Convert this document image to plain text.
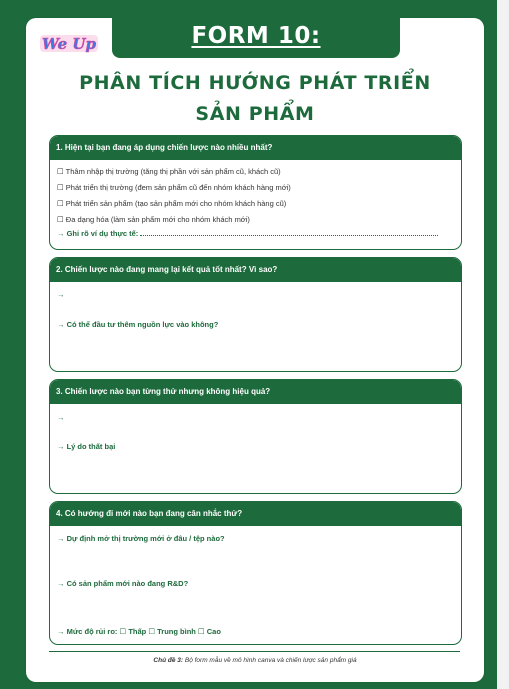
FORM 10:
We Up
PHÂN TÍCH HƯỚNG PHÁT TRIỂN
SẢN PHẨM
1. Hiện tại bạn đang áp dụng chiến lược nào nhiều nhất?
☐ Thâm nhập thị trường (tăng thị phần với sản phẩm cũ, khách cũ)
☐ Phát triển thị trường (đem sản phẩm cũ đến nhóm khách hàng mới)
☐ Phát triển sản phẩm (tạo sản phẩm mới cho nhóm khách hàng cũ)
☐ Đa dạng hóa (làm sản phẩm mới cho nhóm khách mới)
→ Ghi rõ ví dụ thực tế:
2. Chiến lược nào đang mang lại kết quả tốt nhất? Vì sao?
→
→ Có thể đầu tư thêm nguồn lực vào không?
3. Chiến lược nào bạn từng thử nhưng không hiệu quả?
→
→ Lý do thất bại
4. Có hướng đi mới nào bạn đang cân nhắc thử?
→ Dự định mở thị trường mới ở đâu / tệp nào?
→ Có sản phẩm mới nào đang R&D?
→ Mức độ rủi ro: ☐ Thấp ☐ Trung bình ☐ Cao
Chủ đề 3: Bộ form mẫu về mô hình canva và chiến lược sản phẩm giá
